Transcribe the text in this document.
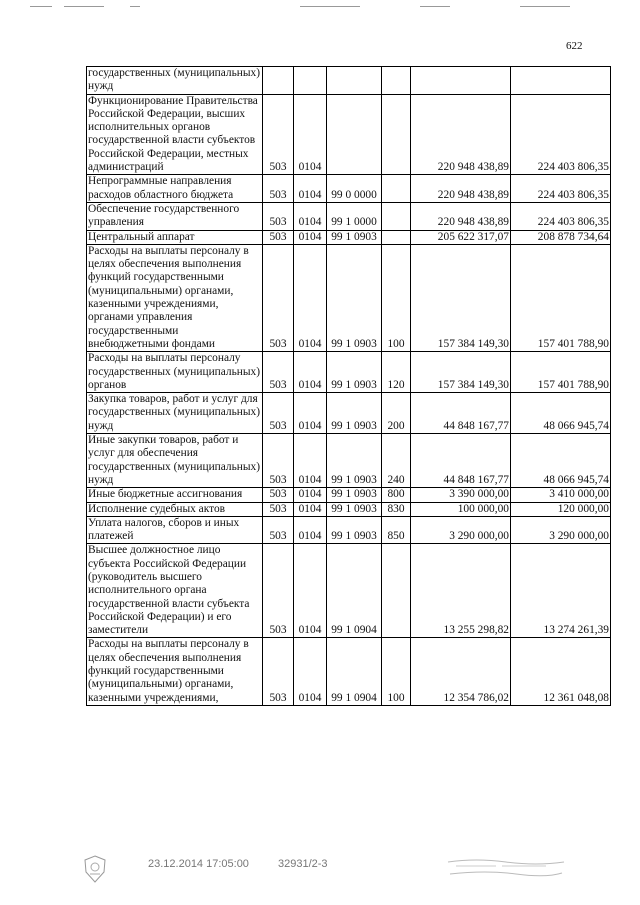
622
государственных (муниципальных) нужд						
Функционирование Правительства Российской Федерации, высших исполнительных органов государственной власти субъектов Российской Федерации, местных администраций	503	0104			220 948 438,89	224 403 806,35
Непрограммные направления расходов областного бюджета	503	0104	99 0 0000		220 948 438,89	224 403 806,35
Обеспечение государственного управления	503	0104	99 1 0000		220 948 438,89	224 403 806,35
Центральный аппарат	503	0104	99 1 0903		205 622 317,07	208 878 734,64
Расходы на выплаты персоналу в целях обеспечения выполнения функций государственными (муниципальными) органами, казенными учреждениями, органами управления государственными внебюджетными фондами	503	0104	99 1 0903	100	157 384 149,30	157 401 788,90
Расходы на выплаты персоналу государственных (муниципальных) органов	503	0104	99 1 0903	120	157 384 149,30	157 401 788,90
Закупка товаров, работ и услуг для государственных (муниципальных) нужд	503	0104	99 1 0903	200	44 848 167,77	48 066 945,74
Иные закупки товаров, работ и услуг для обеспечения государственных (муниципальных) нужд	503	0104	99 1 0903	240	44 848 167,77	48 066 945,74
Иные бюджетные ассигнования	503	0104	99 1 0903	800	3 390 000,00	3 410 000,00
Исполнение судебных актов	503	0104	99 1 0903	830	100 000,00	120 000,00
Уплата налогов, сборов и иных платежей	503	0104	99 1 0903	850	3 290 000,00	3 290 000,00
Высшее должностное лицо субъекта Российской Федерации (руководитель высшего исполнительного органа государственной власти субъекта Российской Федерации) и его заместители	503	0104	99 1 0904		13 255 298,82	13 274 261,39
Расходы на выплаты персоналу в целях обеспечения выполнения функций государственными (муниципальными) органами, казенными учреждениями,	503	0104	99 1 0904	100	12 354 786,02	12 361 048,08
23.12.2014 17:05:00	32931/2-3
